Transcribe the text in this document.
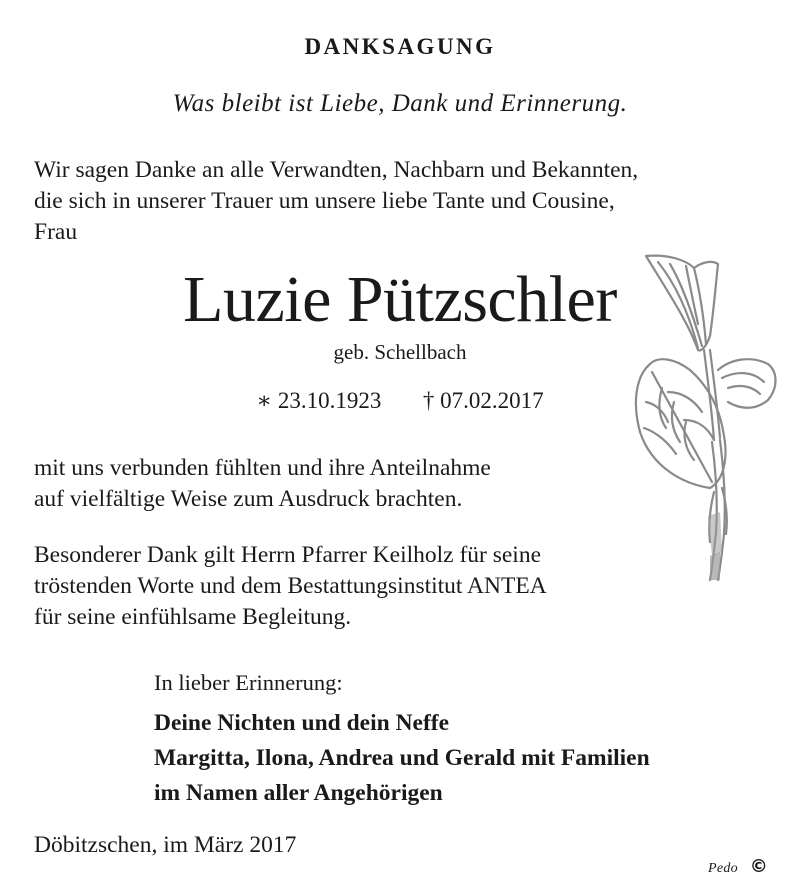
DANKSAGUNG
Was bleibt ist Liebe, Dank und Erinnerung.
Wir sagen Danke an alle Verwandten, Nachbarn und Bekannten,
die sich in unserer Trauer um unsere liebe Tante und Cousine,
Frau
Luzie Pützschler
geb. Schellbach
∗ 23.10.1923 † 07.02.2017
mit uns verbunden fühlten und ihre Anteilnahme
auf vielfältige Weise zum Ausdruck brachten.
Besonderer Dank gilt Herrn Pfarrer Keilholz für seine
tröstenden Worte und dem Bestattungsinstitut ANTEA
für seine einfühlsame Begleitung.
In lieber Erinnerung:
Deine Nichten und dein Neffe
Margitta, Ilona, Andrea und Gerald mit Familien
im Namen aller Angehörigen
Döbitzschen, im März 2017
Pedo ©
